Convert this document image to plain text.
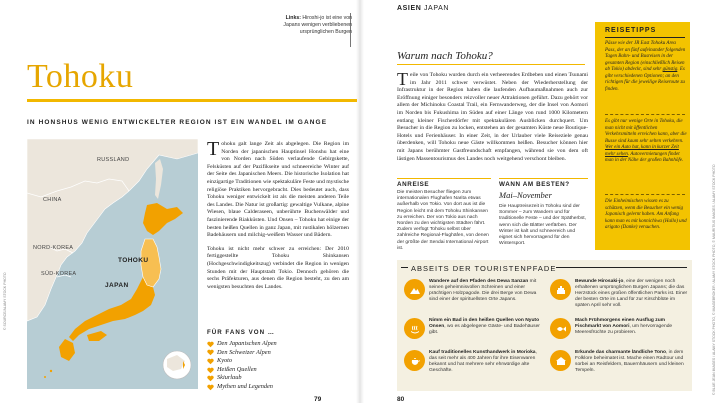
Links: Hiroshi-jo ist eine von Japans wenigen verbliebenen ursprünglichen Burgen
Tohoku
IN HONSHUS WENIG ENTWICKELTER REGION IST EIN WANDEL IM GANGE
RUSSLAND
CHINA
NORD-KOREA
SÜD-KOREA
TOHOKU
JAPAN

Tohoku galt lange Zeit als abgelegen. Die Region im Norden der japanischen Hauptinsel Honshu hat eine von Norden nach Süden verlaufende Gebirgskette, Felsküsten auf der Pazifikseite und schneereiche Winter auf der Seite des Japanischen Meers. Die historische Isolation hat einzigartige Traditionen wie spektakuläre Feste und mystische religiöse Praktiken hervorgebracht. Dies bedeutet auch, dass Tohoku weniger entwickelt ist als die meisten anderen Teile des Landes. Die Natur ist großartig: gewaltige Vulkane, alpine Wiesen, blaue Calderaseen, unberührte Buchenwälder und faszinierende Riakküsten. Und Onsen – Tohoku hat einige der besten heißen Quellen in ganz Japan, mit rustikalen hölzernen Badehäusern und milchig-weißem Wasser und Bädern.

Tohoku ist nicht mehr schwer zu erreichen: Der 2010 fertiggestellte Tohoku Shinkansen (Hochgeschwindigkeitszug) verbindet die Region in wenigen Stunden mit der Hauptstadt Tokio. Dennoch gehören die sechs Präfekturen, aus denen die Region besteht, zu den am wenigsten besuchten des Landes.

FÜR FANS VON …
Den Japanischen Alpen
Den Schweizer Alpen
Kyoto
Heißen Quellen
Skiurlaub
Mythen und Legenden
79
© SOURCE/ALAMY STOCK PHOTO
ASIEN JAPAN
Warum nach Tohoku?
Teile von Tohoku wurden durch ein verheerendes Erdbeben und einen Tsunami im Jahr 2011 schwer verwüstet. Neben der Wiederherstellung der Infrastruktur in der Region haben die laufenden Aufbaumaßnahmen auch zur Eröffnung einiger besonders reizvoller neuer Attraktionen geführt. Dazu gehört vor allem der Michinoku Coastal Trail, ein Fernwanderweg, der die Insel von Aomori im Norden bis Fukushima im Süden auf einer Länge von rund 1000 Kilometern entlang kleiner Fischerdörfer mit spektakulären Ausblicken durchquert. Um Besucher in die Region zu locken, entstehen an der gesamten Küste neue Boutique-Hotels und Ferienhäuser. In einer Zeit, in der Urlauber viele Reiseziele genau überdenken, will Tohoku neue Gäste willkommen heißen. Besucher können hier mit Japans berühmter Gastfreundschaft empfangen, während sie von dem oft lästigen Massentourismus des Landes noch weitgehend verschont bleiben.
ANREISE
Die meisten Besucher fliegen zum internationalen Flughafen Narita etwas außerhalb von Tokio. Von dort aus ist die Region leicht mit dem Tohoku Shinkansen zu erreichen. Der von Tokio aus nach Norden zu den wichtigsten Städten fährt. Zudem verfügt Tohoku selbst über zahlreiche Regional-Flughäfen, von denen der größte der Sendai International Airport ist.
WANN AM BESTEN?
Mai–November
Die Hauptreisezeit in Tohoku sind der Sommer – zum Wandern und für traditionelle Feste – und der Spätherbst, wenn sich die Blätter verfärben. Der Winter ist kalt und schneereich und eignet sich hervorragend für den Wintersport.
REISETIPPS
Pässe wie der JR East Tohoku Area Pass, der an fünf aufeinander folgenden Tagen Bahn- und Busreisen in der gesamten Region (einschließlich Reisen ab Tokio) abdeckt, sind sehr günstig. Es gibt verschiedenen Optionen; an den richtigen für die jeweilige Reiseroute zu finden.
Es gibt nur wenige Orte in Tohoku, die man nicht mit öffentlichen Verkehrsmitteln erreichen kann, aber die Busse sind kaum sehr selten verkehren. Wer ein Auto hat, kann in kurzer Zeit mehr sehen. Autovermietungen findet man in der Nähe der großen Bahnhöfe.
Die Einheimischen wissen es zu schätzen, wenn die Besucher ein wenig Japanisch gelernt haben. Am Anfang kann man es mit konnichiwa (Hallo) und arigato (Danke) versuchen.	© BLUE JEAN IMAGES / ALAMY STOCK PHOTO, © IMAGEBROKER / ALAMY STOCK PHOTO, © MAURITIUS IMAGES / ALAMY STOCK PHOTO
ABSEITS DER TOURISTENPFADE
Wandere auf den Pfaden des Dewa Sanzan mit seinen geheimnisvollen Schreinen und einer prächtigen Holzpagode. Die drei Berge von Dewa sind einer der spirituellsten Orte Japans.
Bewunde Hirosaki-jo, eine der wenigen noch erhaltenen ursprünglichen Burgen Japans; die das Herzstück eines großen öffentlichen Parks ist. Einer der besten Orte im Land für zur Kirschblüte im späten April sehr voll.
Nimm ein Bad in den heißen Quellen von Nyuto Onsen, wo es abgelegene Gäste- und Badehäuser gibt.
Mach Frühmorgens einen Ausflug zum Fischmarkt von Aomori, um hervorragende Meeresfrüchte zu probieren.
Kauf traditionelles Kunsthandwerk in Morioka, das seit mehr als 400 Jahren für ihre Eisenwaren bekannt und hat mehrere sehr ehrwürdige alte Geschäfte.
Erkunde das charmante ländliche Tono, in dem Folklore beheimatet ist. Mache einen Radtour und sorbei an Reisfeldern, Bauernhäusern und kleinen Tempeln.
80
